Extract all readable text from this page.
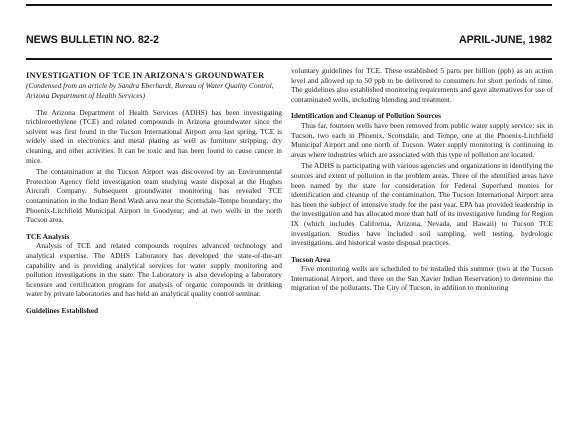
NEWS BULLETIN NO. 82-2	APRIL-JUNE, 1982
INVESTIGATION OF TCE IN ARIZONA'S GROUNDWATER
(Condensed from an article by Sandra Eberhardt, Bureau of Water Quality Control, Arizona Department of Health Services)

The Arizona Department of Health Services (ADHS) has been investigating trichloroethylene (TCE) and related compounds in Arizona groundwater since the solvent was first found in the Tucson International Airport area last spring. TCE is widely used in electronics and metal plating as well as furniture stripping, dry cleaning, and other activities. It can be toxic and has been found to cause cancer in mice.

The contamination at the Tucson Airport was discovered by an Environmental Protection Agency field investigation team studying waste disposal at the Hughes Aircraft Company. Subsequent groundwater monitoring has revealed TCE contamination in the Indian Bend Wash area near the Scottsdale-Tempe boundary; the Phoenix-Litchfield Municipal Airport in Goodyear; and at two wells in the north Tucson area.

TCE Analysis

Analysis of TCE and related compounds requires advanced technology and analytical expertise. The ADHS Laboratory has developed the state-of-the-art capability and is providing analytical services for water supply monitoring and pollution investigations in the state. The Laboratory is also developing a laboratory licensure and certification program for analysis of organic compounds in drinking water by private laboratories and has held an analytical quality control seminar.

Guidelines Established

voluntary guidelines for TCE. These established 5 parts per billion (ppb) as an action level and allowed up to 50 ppb to be delivered to consumers for short periods of time. The guidelines also established monitoring requirements and gave alternatives for use of contaminated wells, including blending and treatment.

Identification and Cleanup of Pollution Sources

Thus far, fourteen wells have been removed from public water supply service: six in Tucson, two each in Phoenix, Scottsdale, and Tempe, one at the Phoenix-Litchfield Municipal Airport and one north of Tucson. Water supply monitoring is continuing in areas where industries which are associated with this type of pollution are located.

The ADHS is participating with various agencies and organizations in identifying the sources and extent of pollution in the problem areas. Three of the identified areas have been named by the state for consideration for Federal Superfund monies for identification and cleanup of the contamination. The Tucson International Airport area has been the subject of intensive study for the past year. EPA has provided leadership in the investigation and has allocated more than half of its investigative funding for Region IX (which includes California, Arizona, Nevada, and Hawaii) to Tucson TCE investigation. Studies have included soil sampling, well testing, hydrologic investigations, and historical waste disposal practices.

Tucson Area

Five monitoring wells are scheduled to be installed this summer (two at the Tucson International Airport, and three on the San Xavier Indian Reservation) to determine the migration of the pollutants. The City of Tucson, in addition to monitoring
